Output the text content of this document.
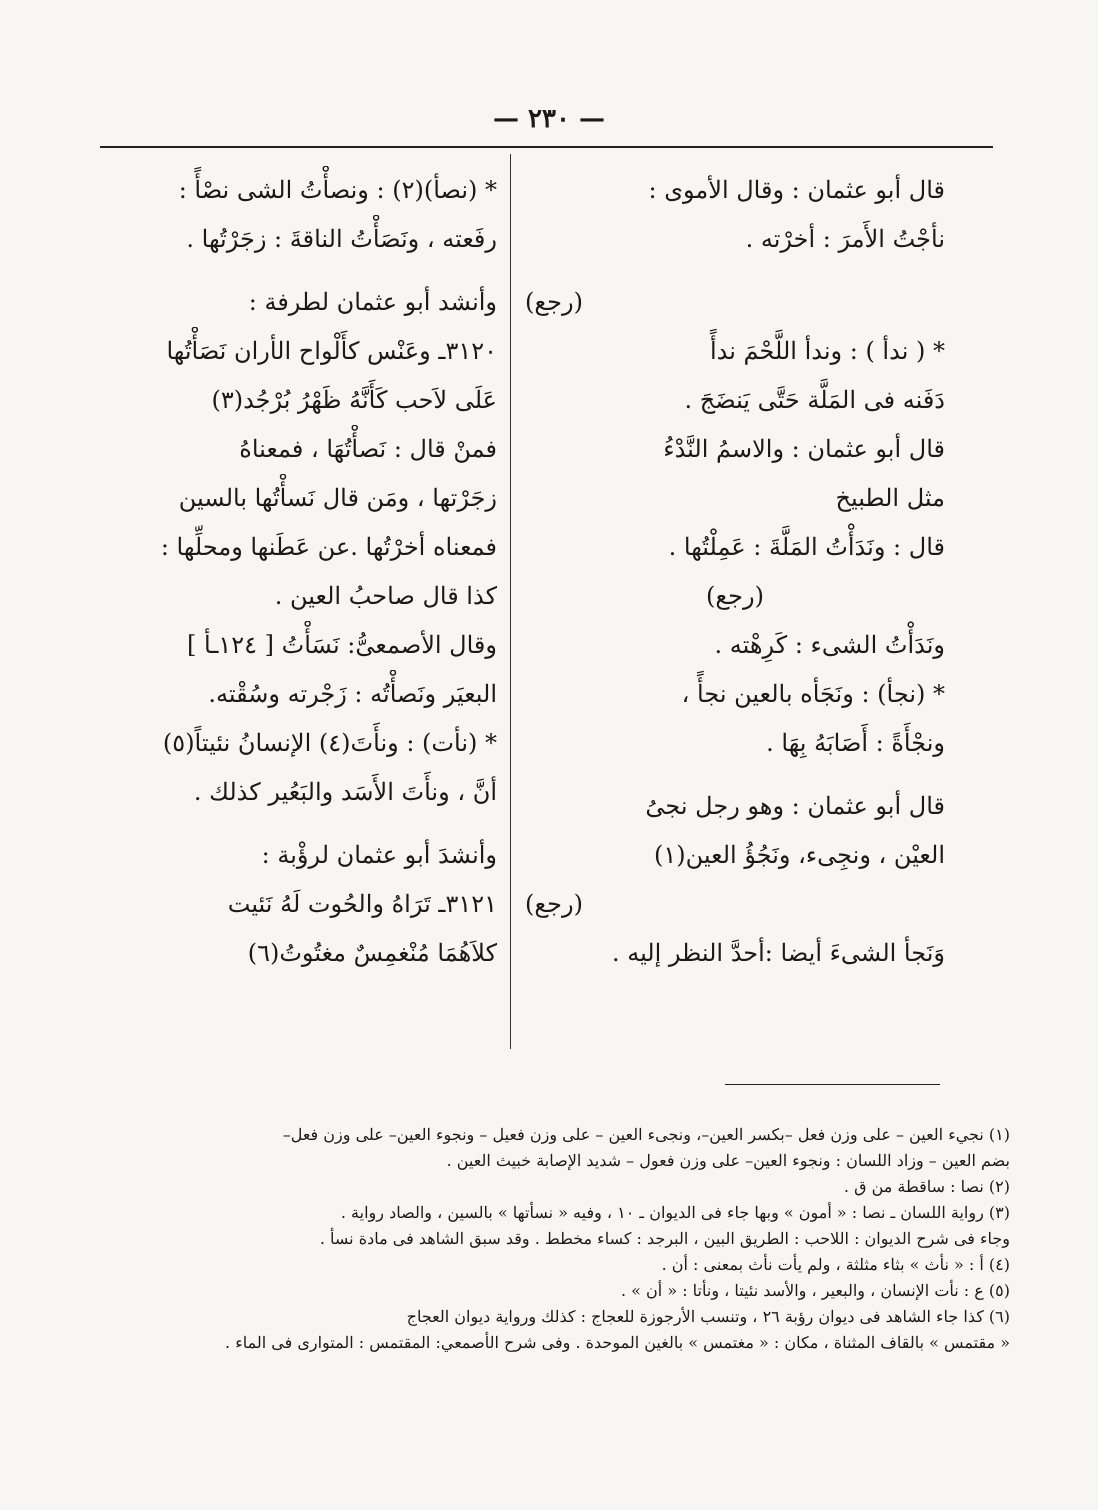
— ٢٣٠ —
قال أبو عثمان : وقال الأموى :
نأجْتُ الأَمرَ : أخرْته .
(رجع)
* ( ندأ ) : وندأ اللَّحْمَ ندأً
دَفَنه فى المَلَّة حَتَّى يَنضَجَ .
قال أبو عثمان : والاسمُ النَّدْءُ
مثل الطبيخ
قال : ونَدَأْتُ المَلَّةَ : عَمِلْتُها .
(رجع)
ونَدَأْتُ الشىء : كَرِهْته .
* (نجأ) : ونَجَأه بالعين نجأً ،
ونجْأَةً : أَصَابَهُ بِهَا .
قال أبو عثمان : وهو رجل نجىُ
العيْن ، ونجِىء، ونَجُؤُ العين(١)
(رجع)
وَنَجأ الشىءَ أيضا :أحدَّ النظر إليه .
* (نصأ)(٢) : ونصأْتُ الشى نصْأً :
رفَعته ، ونَصَأْتُ الناقةَ : زجَرْتُها .
وأنشد أبو عثمان لطرفة :
٣١٢٠ـ وعَنْس كأَلْواح الأران نَصَأْتُها
عَلَى لاَحب كَأَنَّهُ ظَهْرُ بُرْجُد(٣)
فمنْ قال : نَصأْتُهَا ، فمعناهُ
زجَرْتها ، ومَن قال نَسأْتُها بالسين
فمعناه أخرْتُها .عن عَطَنها ومحلِّها :
كذا قال صاحبُ العين .
وقال الأصمعىُّ: نَسَأْتُ [ ١٢٤ـأ ]
البعيَر ونَصأْتُه : زَجْرته وسُقْته.
* (نأت) : ونأَتَ(٤) الإنسانُ نئيتاً(٥)
أنَّ ، ونأَتَ الأَسَد والبَعُير كذلك .
وأنشدَ أبو عثمان لرؤْبة :
٣١٢١ـ تَرَاهُ والحُوت لَهُ نَئيت
كلاَهُمَا مُنْغمِسٌ مغتُوتُ(٦)
(١) نجيء العين – على وزن فعل –بكسر العين–، ونجىء العين – على وزن فعيل – ونجوء العين– على وزن فعل–
بضم العين – وزاد اللسان : ونجوء العين– على وزن فعول – شديد الإصابة خبيث العين .
(٢) نصا : ساقطة من ق .
(٣) رواية اللسان ـ نصا : « أمون » وبها جاء فى الديوان ـ ١٠ ، وفيه « نسأتها » بالسين ، والصاد رواية .
وجاء فى شرح الديوان : اللاحب : الطريق البين ، البرجد : كساء مخطط . وقد سبق الشاهد فى مادة نسأ .
(٤) أ : « نأث » بثاء مثلثة ، ولم يأت نأث بمعنى : أن .
(٥) ع : نأت الإنسان ، والبعير ، والأسد نئيتا ، ونأتا : « أن » .
(٦) كذا جاء الشاهد فى ديوان رؤبة ٢٦ ، وتنسب الأرجوزة للعجاج : كذلك ورواية ديوان العجاج
« مقتمس » بالقاف المثناة ، مكان : « مغتمس » بالغين الموحدة . وفى شرح الأصمعي: المقتمس : المتوارى فى الماء .
